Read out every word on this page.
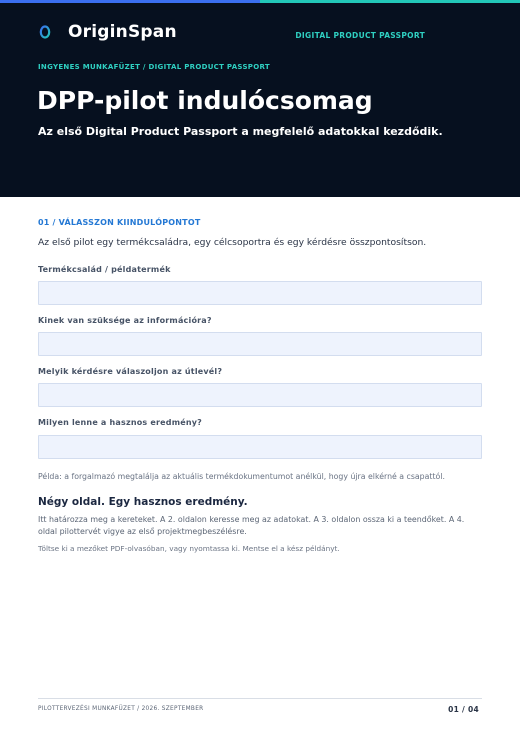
OriginSpan	DIGITAL PRODUCT PASSPORT
INGYENES MUNKAFÜZET / DIGITAL PRODUCT PASSPORT
DPP-pilot indulócsomag
Az első Digital Product Passport a megfelelő adatokkal kezdődik.
01 / VÁLASSZON KIINDULÓPONTOT
Az első pilot egy termékcsaládra, egy célcsoportra és egy kérdésre összpontosítson.
Termékcsalád / példatermék
Kinek van szüksége az információra?
Melyik kérdésre válaszoljon az útlevél?
Milyen lenne a hasznos eredmény?
Példa: a forgalmazó megtalálja az aktuális termékdokumentumot anélkül, hogy újra elkérné a csapattól.
Négy oldal. Egy hasznos eredmény.
Itt határozza meg a kereteket. A 2. oldalon keresse meg az adatokat. A 3. oldalon ossza ki a teendőket. A 4. oldal pilottervét vigye az első projektmegbeszélésre.
Töltse ki a mezőket PDF-olvasóban, vagy nyomtassa ki. Mentse el a kész példányt.
PILOTTERVEZÉSI MUNKAFÜZET / 2026. SZEPTEMBER	01 / 04
